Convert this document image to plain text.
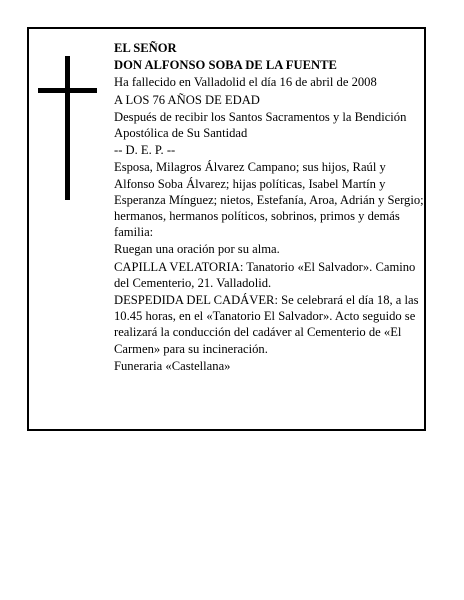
EL SEÑOR

DON ALFONSO SOBA DE LA FUENTE

Ha fallecido en Valladolid el día 16 de abril de 2008

A LOS 76 AÑOS DE EDAD

Después de recibir los Santos Sacramentos y la Bendición Apostólica de Su Santidad

-- D. E. P. --

Esposa, Milagros Álvarez Campano; sus hijos, Raúl y Alfonso Soba Álvarez; hijas políticas, Isabel Martín y Esperanza Mínguez; nietos, Estefanía, Aroa, Adrián y Sergio; hermanos, hermanos políticos, sobrinos, primos y demás familia:

Ruegan una oración por su alma.

CAPILLA VELATORIA: Tanatorio «El Salvador». Camino del Cementerio, 21. Valladolid.

DESPEDIDA DEL CADÁVER: Se celebrará el día 18, a las 10.45 horas, en el «Tanatorio El Salvador». Acto seguido se realizará la conducción del cadáver al Cementerio de «El Carmen» para su incineración.

Funeraria «Castellana»
